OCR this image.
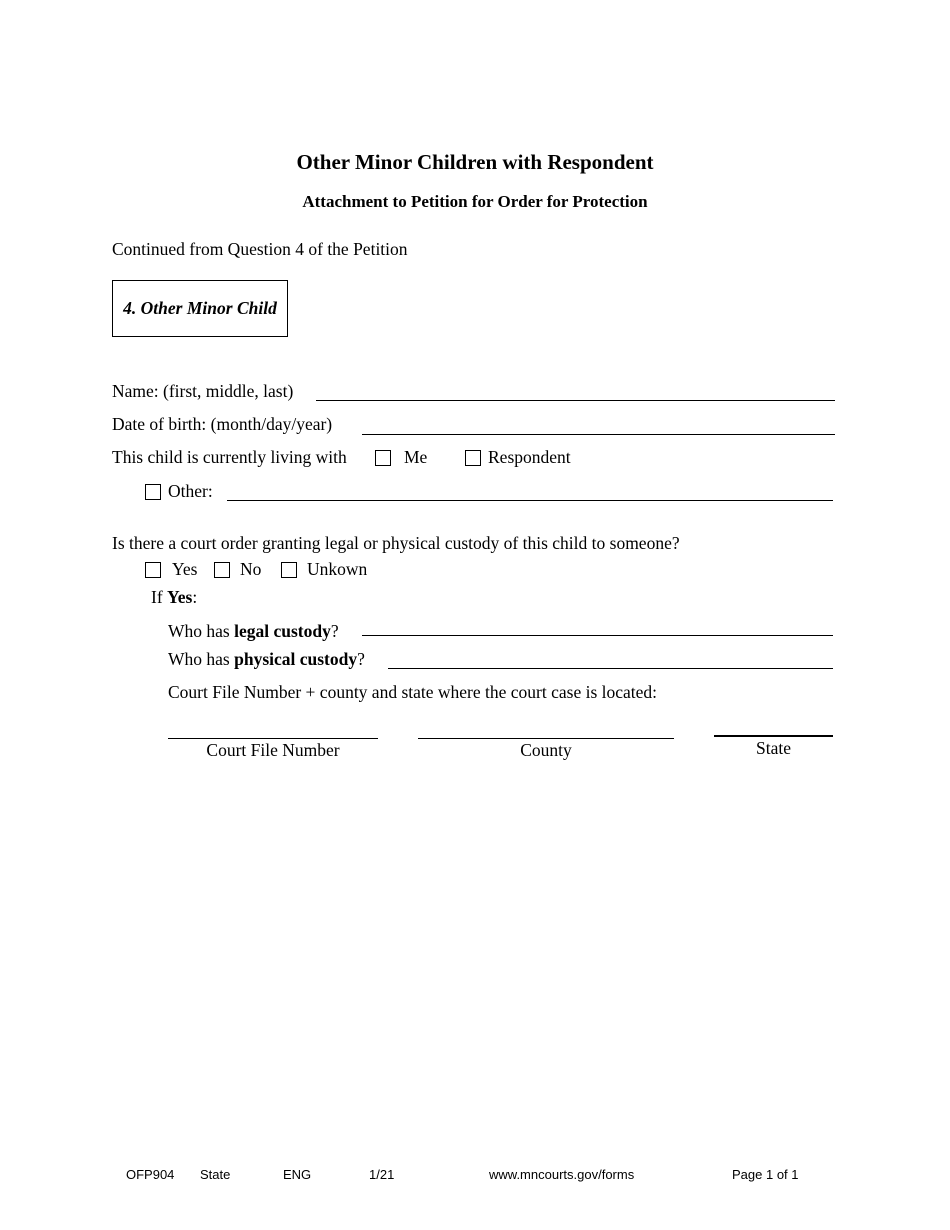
Other Minor Children with Respondent
Attachment to Petition for Order for Protection
Continued from Question 4 of the Petition
4. Other Minor Child
Name: (first, middle, last)
Date of birth: (month/day/year)
This child is currently living with	Me	Respondent
Other:
Is there a court order granting legal or physical custody of this child to someone?
Yes No	Unkown
If Yes:
Who has legal custody?
Who has physical custody?
Court File Number + county and state where the court case is located:
Court File Number	County	State
OFP904 State	ENG	1/21	www.mncourts.gov/forms	Page 1 of 1
